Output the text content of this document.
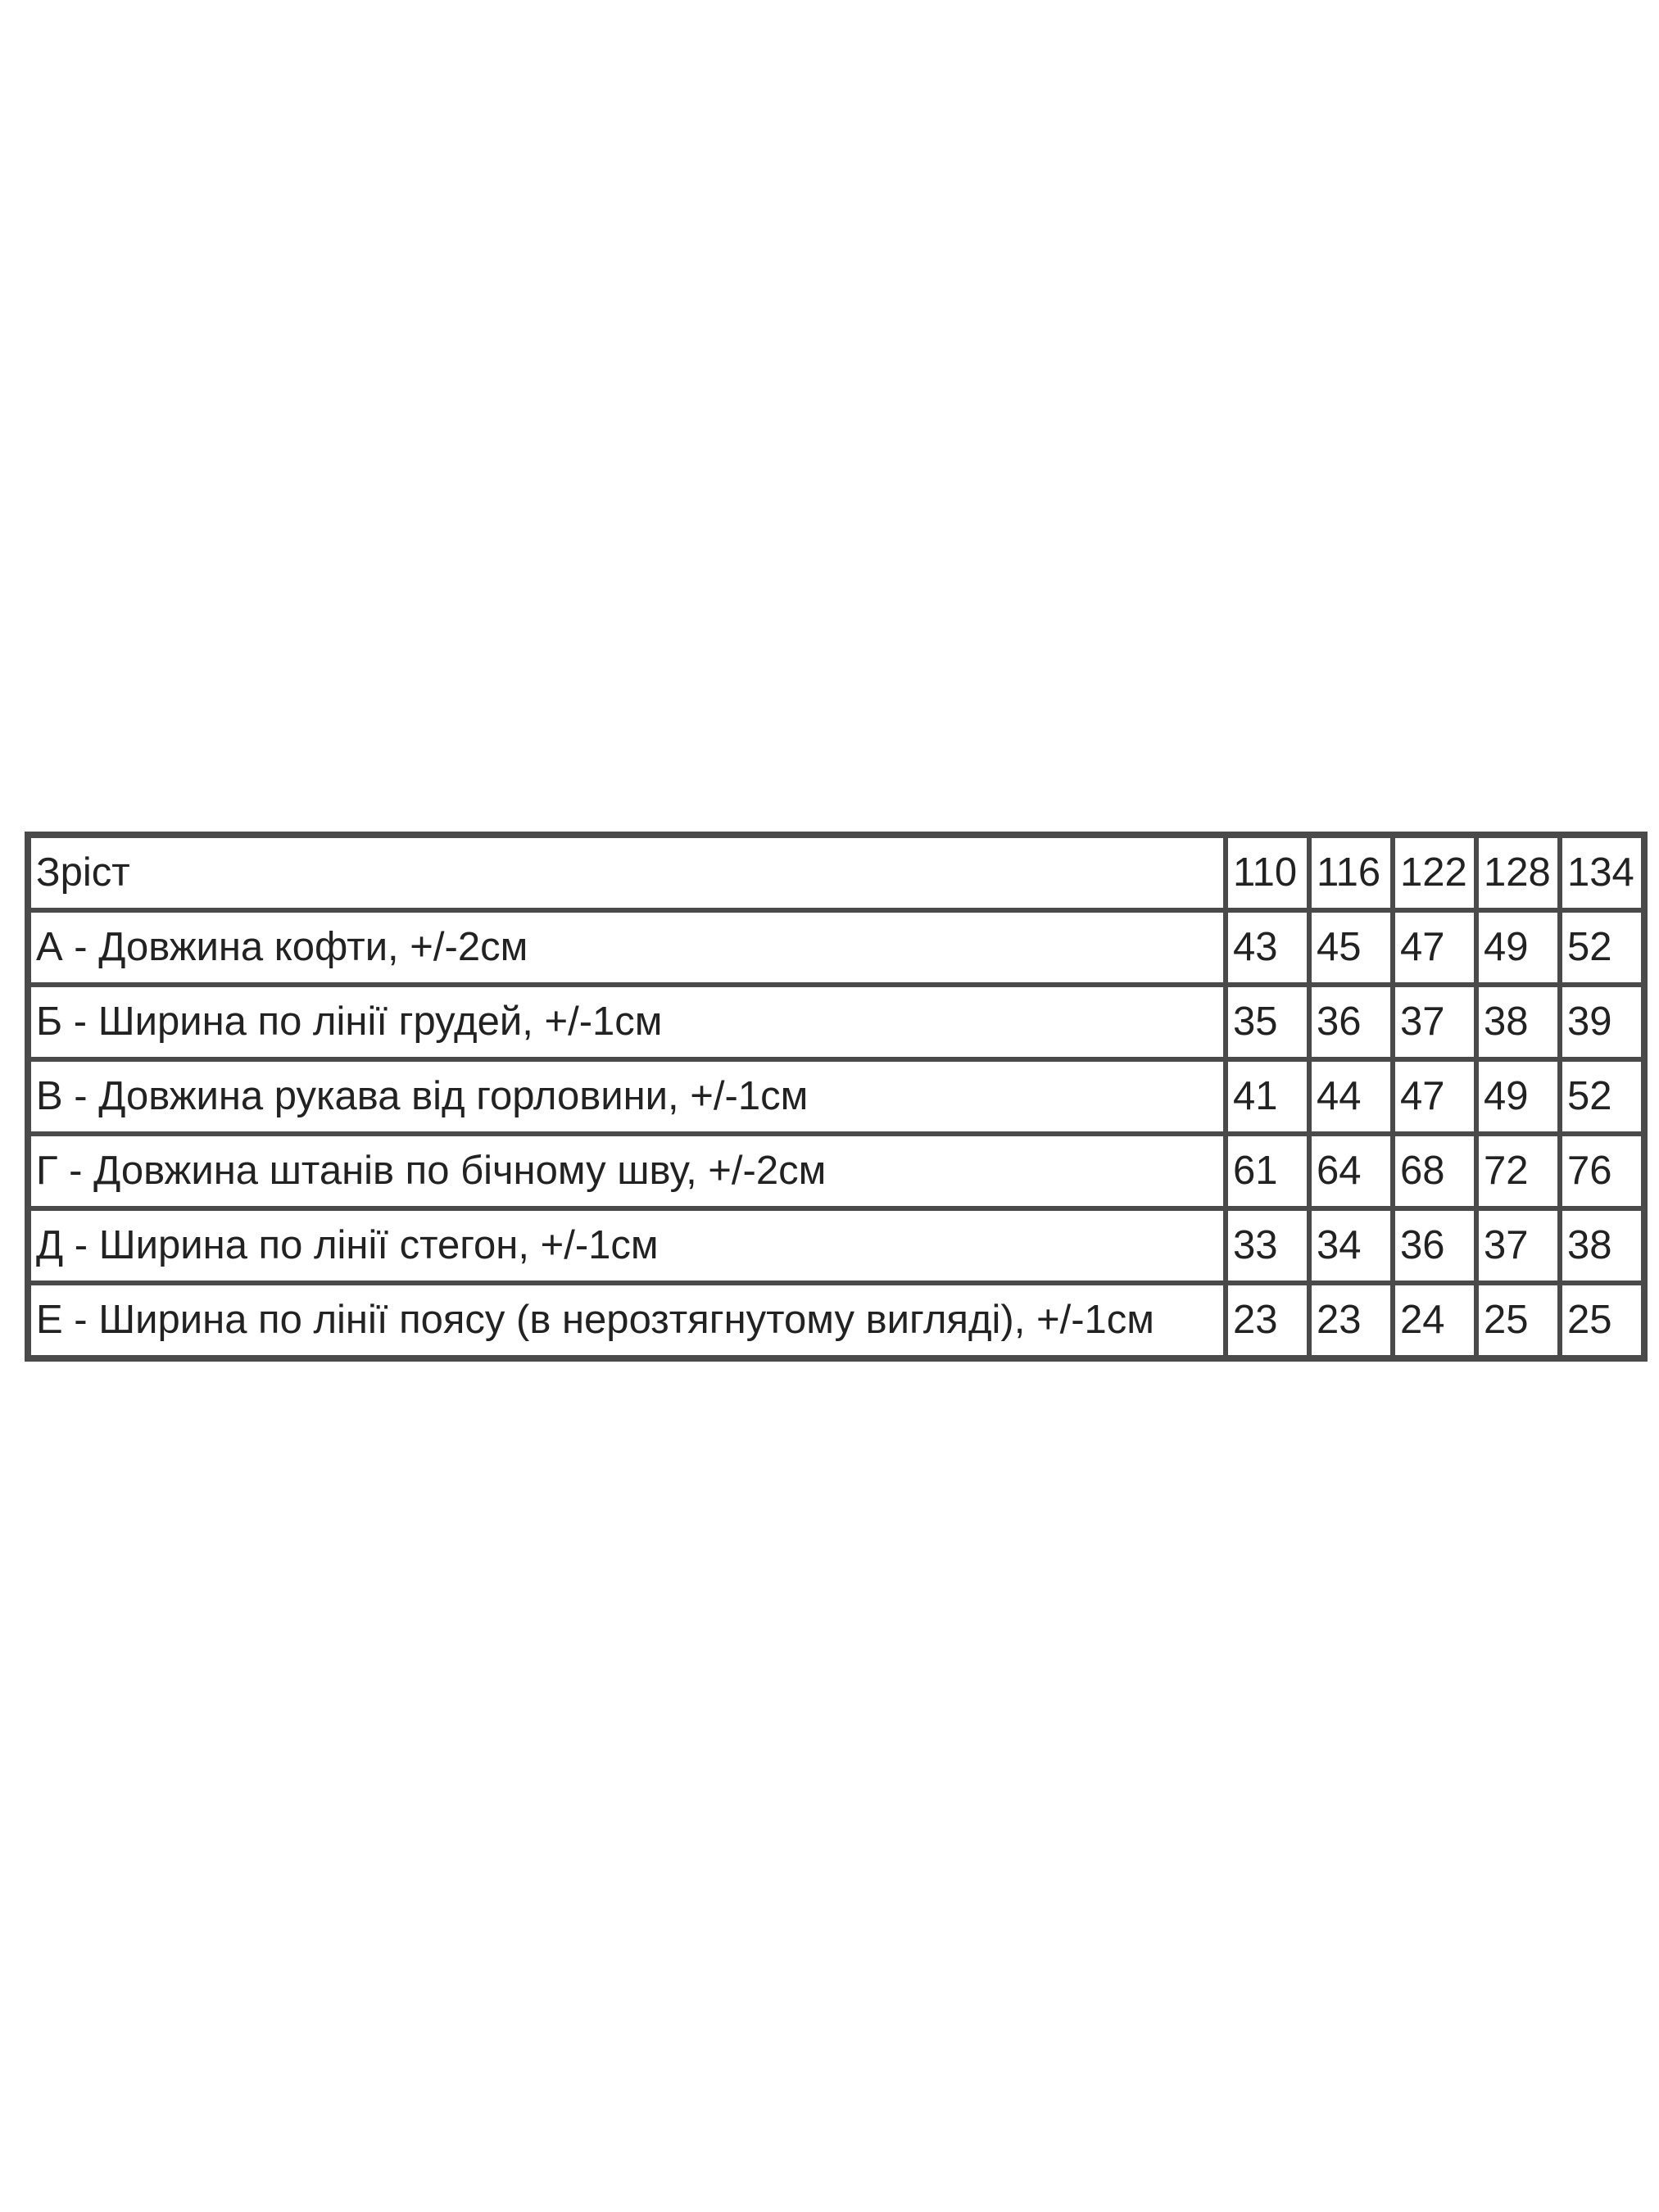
Зріст	110	116	122	128	134
А - Довжина кофти, +/-2см	43	45	47	49	52
Б - Ширина по лінії грудей, +/-1см	35	36	37	38	39
В - Довжина рукава від горловини, +/-1см	41	44	47	49	52
Г - Довжина штанів по бічному шву, +/-2см	61	64	68	72	76
Д - Ширина по лінії стегон, +/-1см	33	34	36	37	38
Е - Ширина по лінії поясу (в нерозтягнутому вигляді), +/-1см	23	23	24	25	25
